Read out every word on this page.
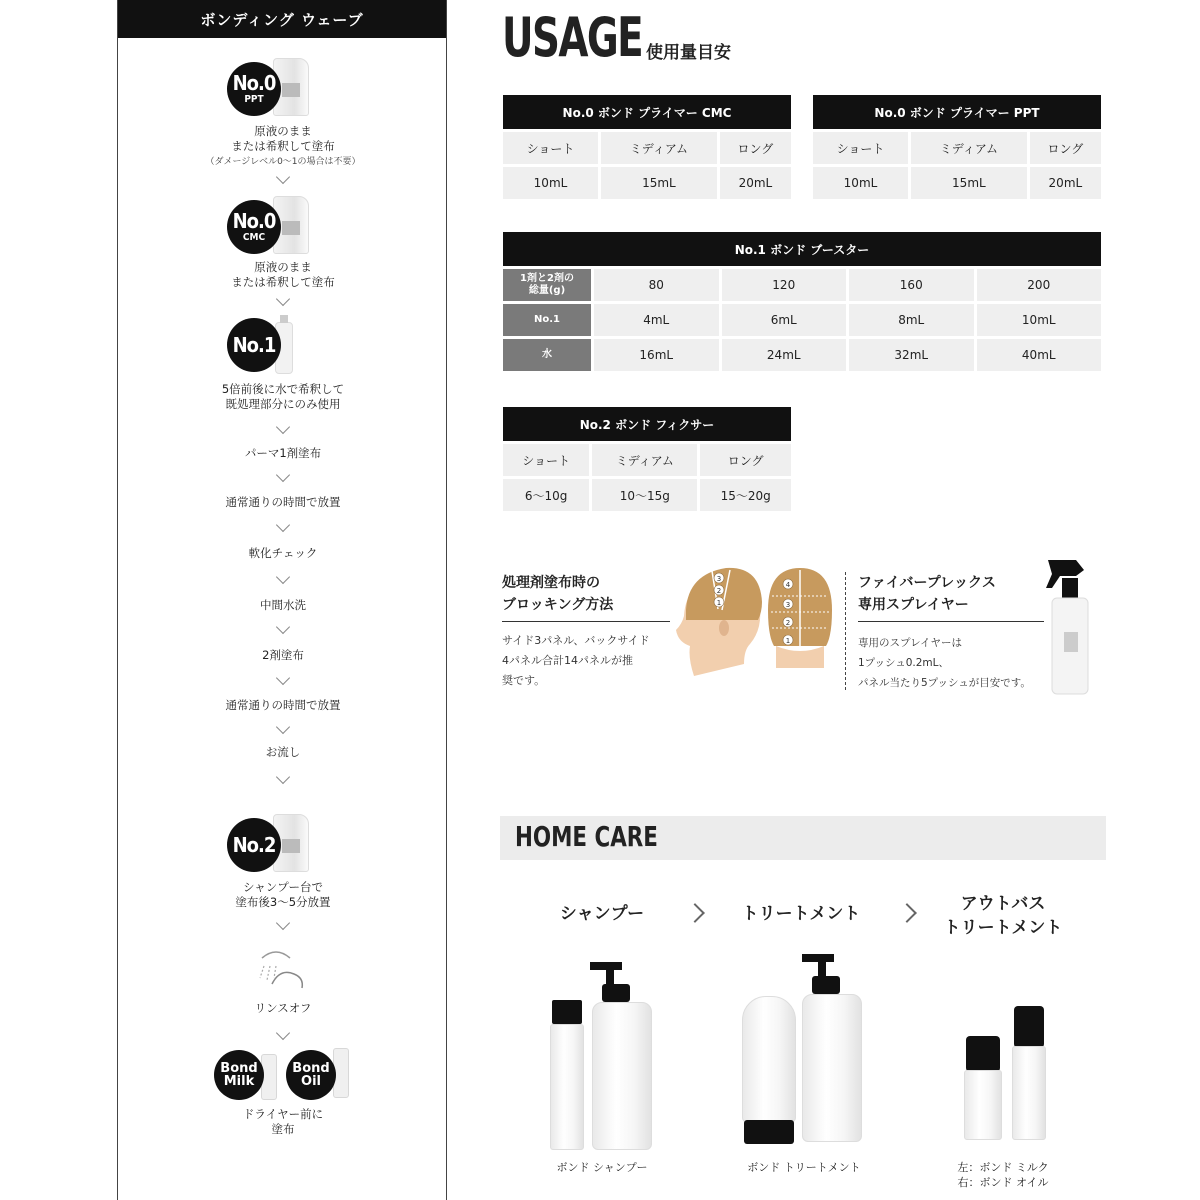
ボンディング ウェーブ
No.0
PPT
原液のまま
または希釈して塗布
（ダメージレベル0〜1の場合は不要）
No.0
CMC
原液のまま
または希釈して塗布
No.1
5倍前後に水で希釈して
既処理部分にのみ使用
パーマ1剤塗布
通常通りの時間で放置
軟化チェック
中間水洗
2剤塗布
通常通りの時間で放置
お流し
No.2
シャンプー台で
塗布後3〜5分放置
リンスオフ
Bond
Milk
Bond
Oil
ドライヤー前に
塗布
USAGE 使用量目安
No.0 ボンド プライマー CMC		
ショート	ミディアム	ロング
10mL	15mL	20mL
No.0 ボンド プライマー PPT		
ショート	ミディアム	ロング
10mL	15mL	20mL
No.1 ボンド ブースター				

1剤と2剤の
総量(g)	80	120	160	200
No.1	4mL	6mL	8mL	10mL
水	16mL	24mL	32mL	40mL
No.2 ボンド フィクサー		
ショート	ミディアム	ロング
6〜10g	10〜15g	15〜20g
処理剤塗布時の
ブロッキング方法
サイド3パネル、バックサイド
4パネル合計14パネルが推
奨です。
3
2
1
4
3
2
1
ファイバープレックス
専用スプレイヤー
専用のスプレイヤーは
1プッシュ0.2mL、
パネル当たり5プッシュが目安です。
HOME CARE
シャンプー	トリートメント	アウトバス
トリートメント
ボンド シャンプー	ボンド トリートメント	左：ボンド ミルク
右：ボンド オイル
